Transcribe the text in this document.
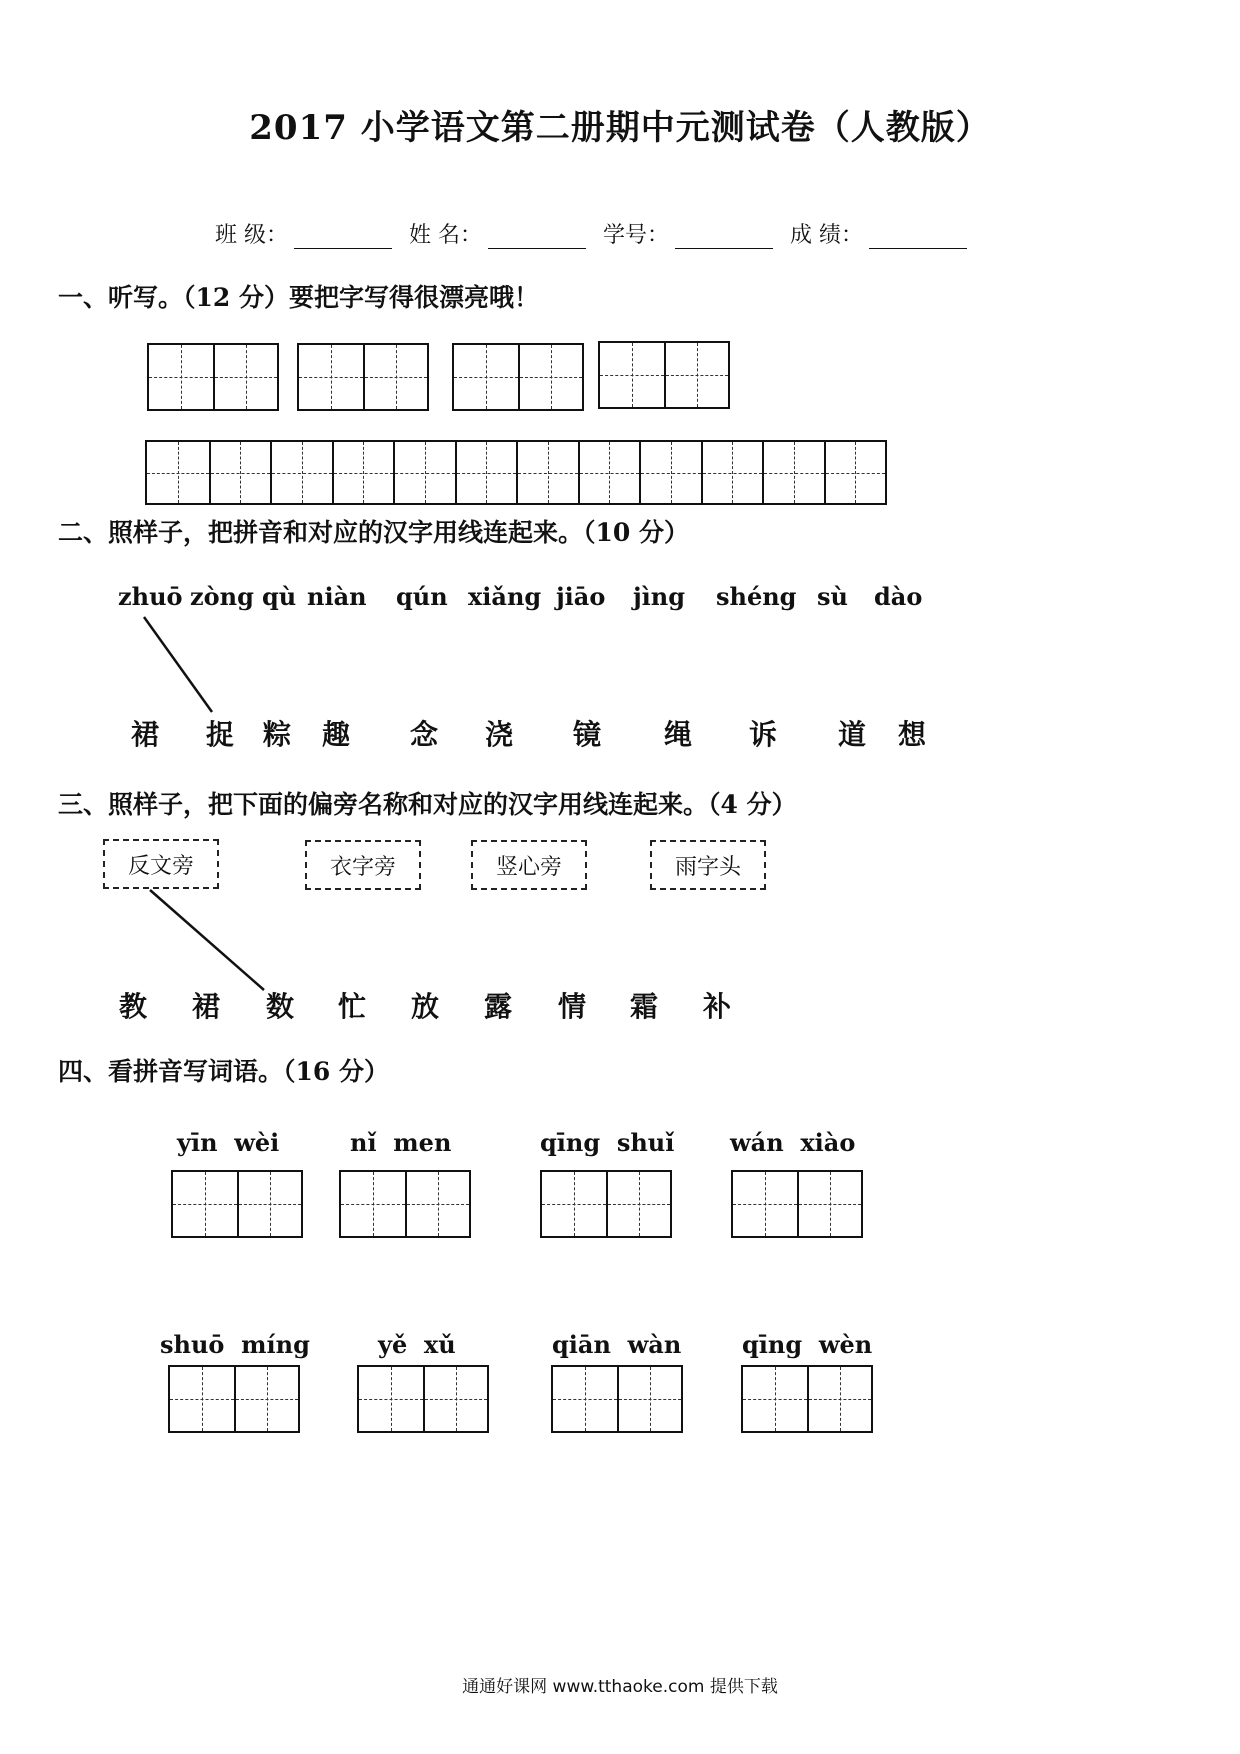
2017 小学语文第二册期中元测试卷（人教版）
班 级：	姓 名：	学号：	成 绩：
一、听写。（12 分）要把字写得很漂亮哦！
二、照样子，把拼音和对应的汉字用线连起来。（10 分）
zhuō zòng qù niàn qún xiǎng jiāo jìng shéng sù dào
裙 捉 粽 趣 念 浇 镜 绳 诉 道 想
三、照样子，把下面的偏旁名称和对应的汉字用线连起来。（4 分）
反文旁	衣字旁	竖心旁	雨字头
教 裙 数 忙 放 露 情 霜 补
四、看拼音写词语。（16 分）
yīn  wèi	nǐ  men	qīng  shuǐ wán  xiào
shuō  míng	yě  xǔ	qiān  wàn	qīng  wèn
通通好课网 www.tthaoke.com 提供下载
